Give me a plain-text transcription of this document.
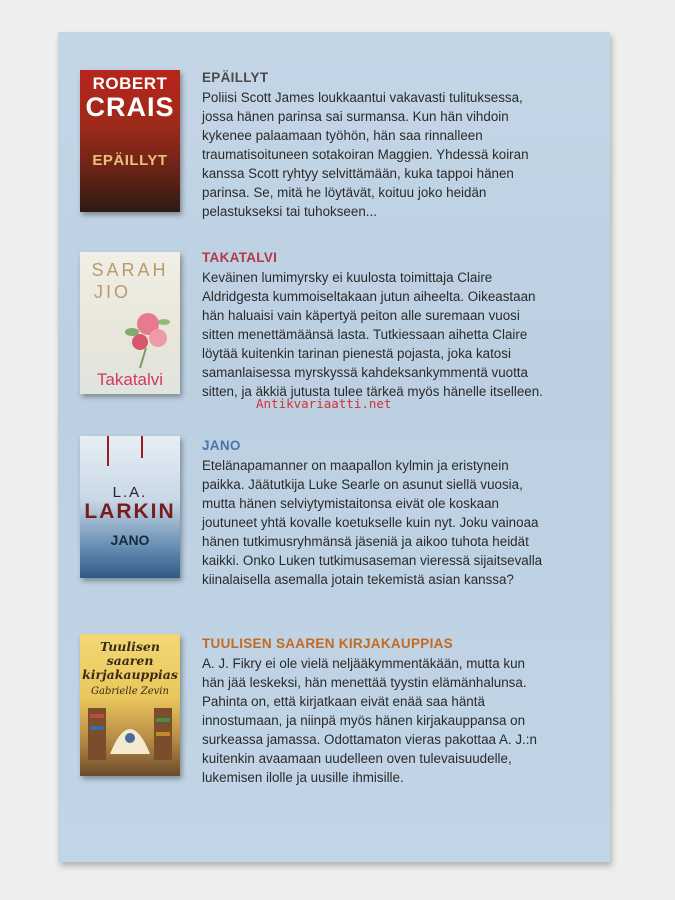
ROBERT
CRAIS
EPÄILLYT
EPÄILLYT
Poliisi Scott James loukkaantui vakavasti tulituksessa,
jossa hänen parinsa sai surmansa. Kun hän vihdoin
kykenee palaamaan työhön, hän saa rinnalleen
traumatisoituneen sotakoiran Maggien. Yhdessä koiran
kanssa Scott ryhtyy selvittämään, kuka tappoi hänen
parinsa. Se, mitä he löytävät, koituu joko heidän
pelastukseksi tai tuhokseen...
SARAH
JIO
Takatalvi
TAKATALVI
Keväinen lumimyrsky ei kuulosta toimittaja Claire
Aldridgesta kummoiseltakaan jutun aiheelta. Oikeastaan
hän haluaisi vain käpertyä peiton alle suremaan vuosi
sitten menettämäänsä lasta. Tutkiessaan aihetta Claire
löytää kuitenkin tarinan pienestä pojasta, joka katosi
samanlaisessa myrskyssä kahdeksankymmentä vuotta
sitten, ja äkkiä jutusta tulee tärkeä myös hänelle itselleen.
L.A.
LARKIN
JANO
JANO
Etelänapamanner on maapallon kylmin ja eristynein
paikka. Jäätutkija Luke Searle on asunut siellä vuosia,
mutta hänen selviytymistaitonsa eivät ole koskaan
joutuneet yhtä kovalle koetukselle kuin nyt. Joku vainoaa
hänen tutkimusryhmänsä jäseniä ja aikoo tuhota heidät
kaikki. Onko Luken tutkimusaseman vieressä sijaitsevalla
kiinalaisella asemalla jotain tekemistä asian kanssa?
Tuulisen
saaren
kirjakauppias
Gabrielle Zevin
TUULISEN SAAREN KIRJAKAUPPIAS
A. J. Fikry ei ole vielä neljääkymmentäkään, mutta kun
hän jää leskeksi, hän menettää tyystin elämänhalunsa.
Pahinta on, että kirjatkaan eivät enää saa häntä
innostumaan, ja niinpä myös hänen kirjakauppansa on
surkeassa jamassa. Odottamaton vieras pakottaa A. J.:n
kuitenkin avaamaan uudelleen oven tulevaisuudelle,
lukemisen ilolle ja uusille ihmisille.
Antikvariaatti.net
